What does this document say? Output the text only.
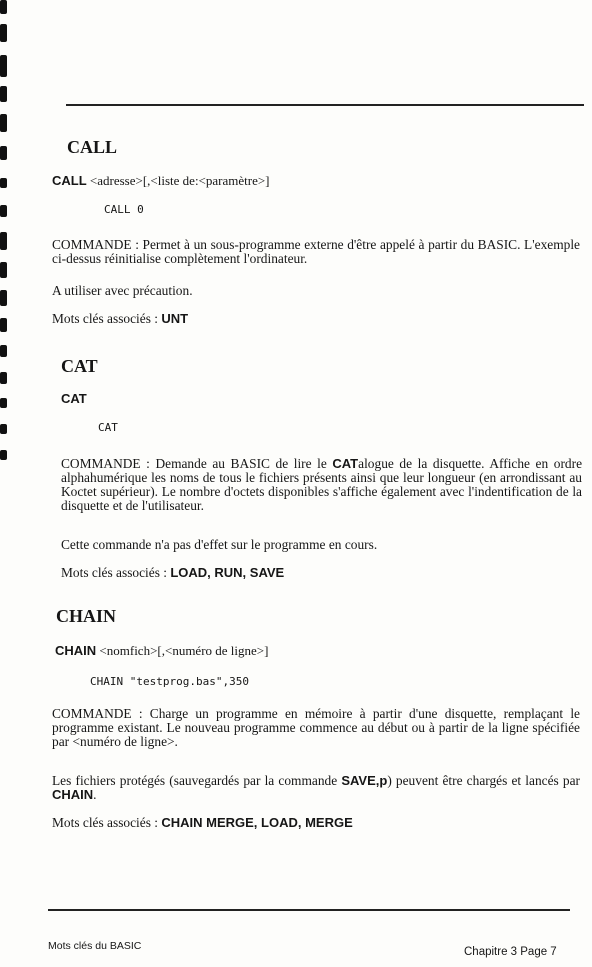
CALL
CALL <adresse>[,<liste de:<paramètre>]
CALL 0
COMMANDE : Permet à un sous-programme externe d'être appelé à partir du BASIC. L'exemple ci-dessus réinitialise complètement l'ordinateur.
A utiliser avec précaution.
Mots clés associés : UNT
CAT
CAT
CAT
COMMANDE : Demande au BASIC de lire le CATalogue de la disquette. Affiche en ordre alphahumérique les noms de tous le fichiers présents ainsi que leur longueur (en arrondissant au Koctet supérieur). Le nombre d'octets disponibles s'affiche également avec l'indentification de la disquette et de l'utilisateur.
Cette commande n'a pas d'effet sur le programme en cours.
Mots clés associés : LOAD, RUN, SAVE
CHAIN
CHAIN <nomfich>[,<numéro de ligne>]
CHAIN "testprog.bas",350
COMMANDE : Charge un programme en mémoire à partir d'une disquette, remplaçant le programme existant. Le nouveau programme commence au début ou à partir de la ligne spécifiée par <numéro de ligne>.
Les fichiers protégés (sauvegardés par la commande SAVE,p) peuvent être chargés et lancés par CHAIN.
Mots clés associés : CHAIN MERGE, LOAD, MERGE
Mots clés du BASIC	Chapitre 3 Page 7
